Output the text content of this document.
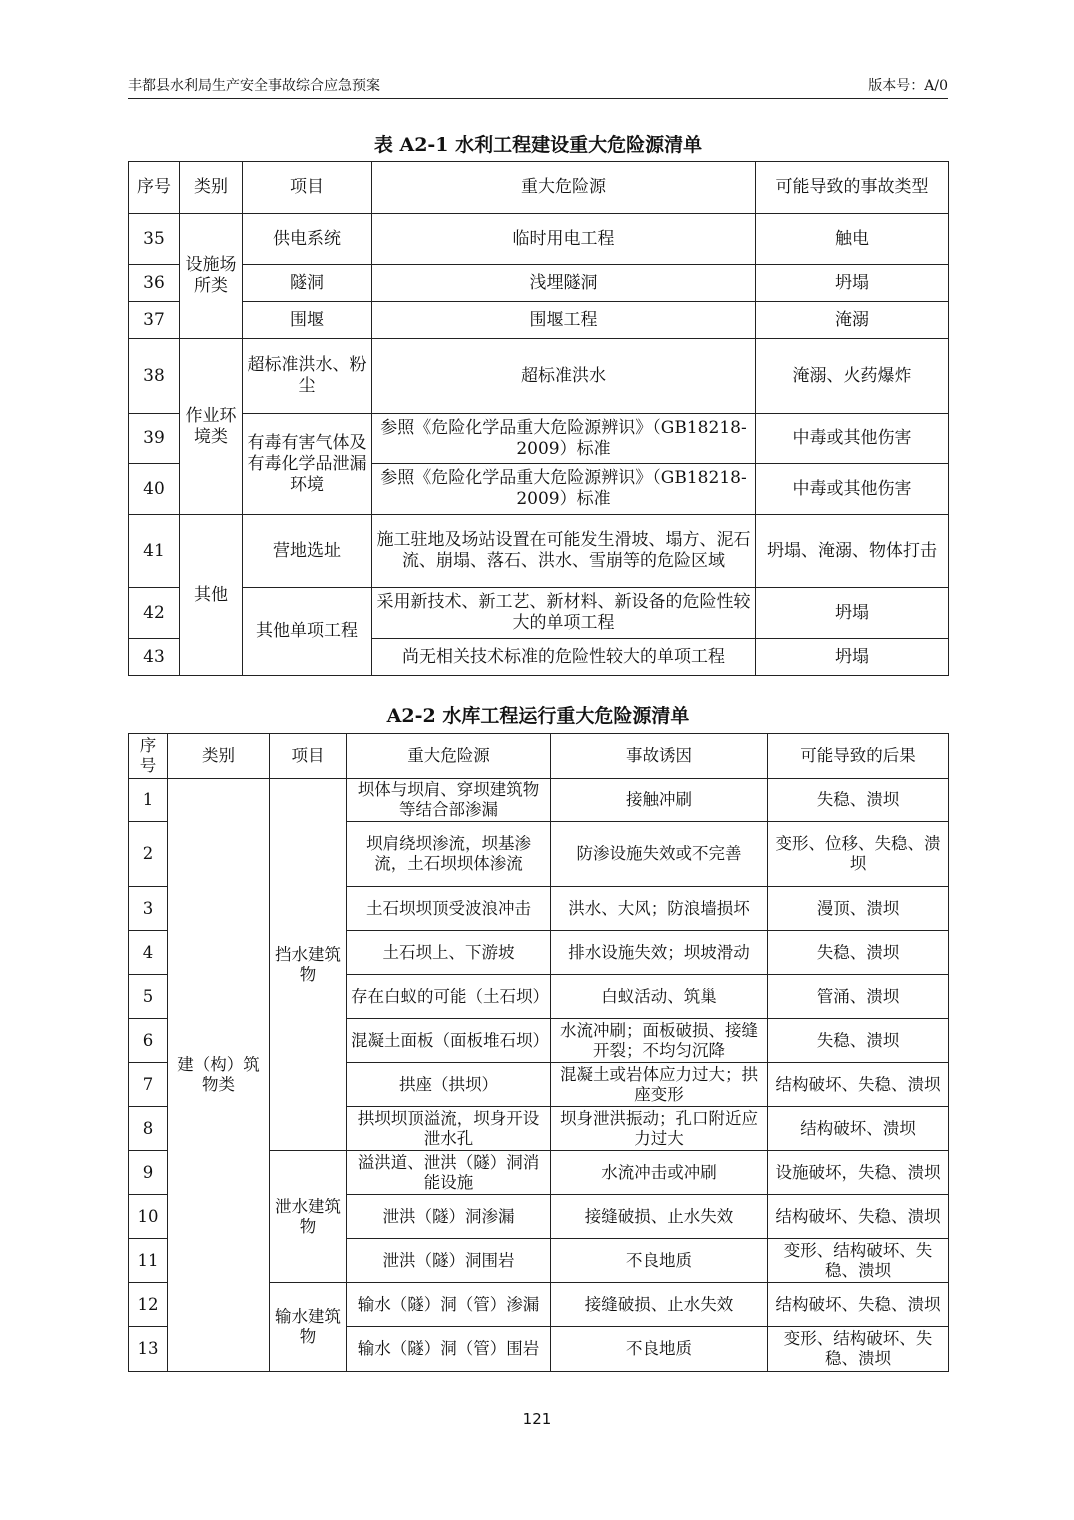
丰都县水利局生产安全事故综合应急预案	版本号：A/0
表 A2-1 水利工程建设重大危险源清单
序号	类别	项目	重大危险源	可能导致的事故类型
35	设施场所类	供电系统	临时用电工程	触电
36		隧洞	浅埋隧洞	坍塌
37		围堰	围堰工程	淹溺
38	作业环境类	超标准洪水、粉尘	超标准洪水	淹溺、火药爆炸
39		有毒有害气体及有毒化学品泄漏环境	参照《危险化学品重大危险源辨识》（GB18218-2009）标准	中毒或其他伤害
40			参照《危险化学品重大危险源辨识》（GB18218-2009）标准	中毒或其他伤害
41	其他	营地选址	施工驻地及场站设置在可能发生滑坡、塌方、泥石流、崩塌、落石、洪水、雪崩等的危险区域	坍塌、淹溺、物体打击
42		其他单项工程	采用新技术、新工艺、新材料、新设备的危险性较大的单项工程	坍塌
43			尚无相关技术标准的危险性较大的单项工程	坍塌
A2-2 水库工程运行重大危险源清单
序号	类别	项目	重大危险源	事故诱因	可能导致的后果
1	建（构）筑物类	挡水建筑物	坝体与坝肩、穿坝建筑物等结合部渗漏	接触冲刷	失稳、溃坝
2			坝肩绕坝渗流，坝基渗流，土石坝坝体渗流	防渗设施失效或不完善	变形、位移、失稳、溃坝
3			土石坝坝顶受波浪冲击	洪水、大风；防浪墙损坏	漫顶、溃坝
4			土石坝上、下游坡	排水设施失效；坝坡滑动	失稳、溃坝
5			存在白蚁的可能（土石坝）	白蚁活动、筑巢	管涌、溃坝
6			混凝土面板（面板堆石坝）	水流冲刷；面板破损、接缝开裂；不均匀沉降	失稳、溃坝
7			拱座（拱坝）	混凝土或岩体应力过大；拱座变形	结构破坏、失稳、溃坝
8			拱坝坝顶溢流，坝身开设泄水孔	坝身泄洪振动；孔口附近应力过大	结构破坏、溃坝
9		泄水建筑物	溢洪道、泄洪（隧）洞消能设施	水流冲击或冲刷	设施破坏，失稳、溃坝
10			泄洪（隧）洞渗漏	接缝破损、止水失效	结构破坏、失稳、溃坝
11			泄洪（隧）洞围岩	不良地质	变形、结构破坏、失稳、溃坝
12		输水建筑物	输水（隧）洞（管）渗漏	接缝破损、止水失效	结构破坏、失稳、溃坝
13			输水（隧）洞（管）围岩	不良地质	变形、结构破坏、失稳、溃坝
121
